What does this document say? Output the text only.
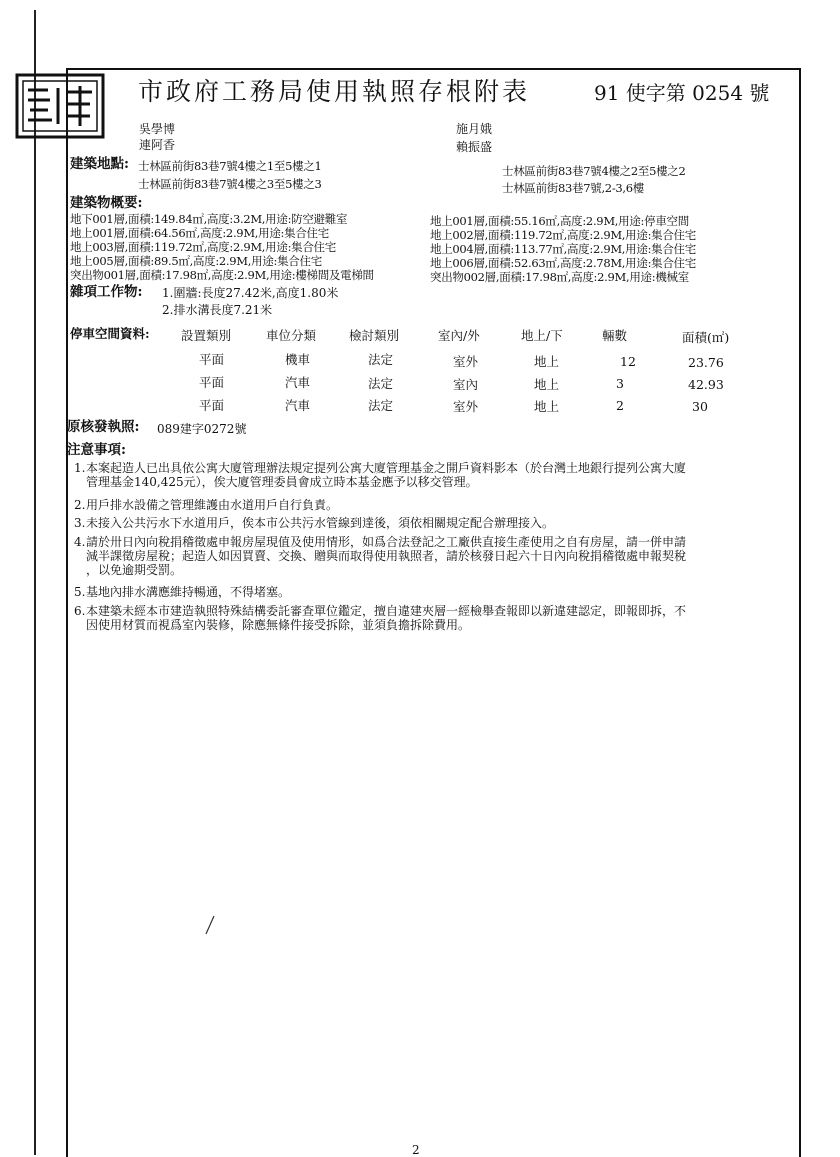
市政府工務局使用執照存根附表	91 使字第 0254 號
吳學博
連阿香
施月娥
賴振盛
建築地點: 士林區前街83巷7號4樓之1至5樓之1
士林區前街83巷7號4樓之3至5樓之3
士林區前街83巷7號4樓之2至5樓之2
士林區前街83巷7號,2-3,6樓
建築物概要:
地下001層,面積:149.84㎡,高度:3.2M,用途:防空避難室
地上001層,面積:64.56㎡,高度:2.9M,用途:集合住宅
地上003層,面積:119.72㎡,高度:2.9M,用途:集合住宅
地上005層,面積:89.5㎡,高度:2.9M,用途:集合住宅
突出物001層,面積:17.98㎡,高度:2.9M,用途:樓梯間及電梯間
地上001層,面積:55.16㎡,高度:2.9M,用途:停車空間
地上002層,面積:119.72㎡,高度:2.9M,用途:集合住宅
地上004層,面積:113.77㎡,高度:2.9M,用途:集合住宅
地上006層,面積:52.63㎡,高度:2.78M,用途:集合住宅
突出物002層,面積:17.98㎡,高度:2.9M,用途:機械室
雜項工作物: 1.圍牆:長度27.42米,高度1.80米
2.排水溝長度7.21米
停車空間資料:	設置類別	車位分類	檢討類別	室內/外	地上/下	輛數	面積(㎡)
平面	機車	法定	室外	地上	12	23.76
平面	汽車	法定	室內	地上	3	42.93
平面	汽車	法定	室外	地上	2	30
原核發執照: 089建字0272號
注意事項:
1.本案起造人已出具依公寓大廈管理辦法規定提列公寓大廈管理基金之開戶資料影本（於台灣土地銀行提列公寓大廈
管理基金140,425元），俟大廈管理委員會成立時本基金應予以移交管理。
2.用戶排水設備之管理維護由水道用戶自行負責。
3.未接入公共污水下水道用戶，俟本市公共污水管線到達後，須依相關規定配合辦理接入。
4.請於卅日內向稅捐稽徵處申報房屋現值及使用情形，如爲合法登記之工廠供直接生產使用之自有房屋，請一併申請
減半課徵房屋稅；起造人如因買賣、交換、贈與而取得使用執照者，請於核發日起六十日內向稅捐稽徵處申報契稅
，以免逾期受罰。
5.基地內排水溝應維持暢通，不得堵塞。
6.本建築未經本市建造執照特殊結構委託審查單位鑑定，擅自違建夾層一經檢舉查報即以新違建認定，即報即拆，不
因使用材質而視爲室內裝修，除應無條件接受拆除，並須負擔拆除費用。
2
